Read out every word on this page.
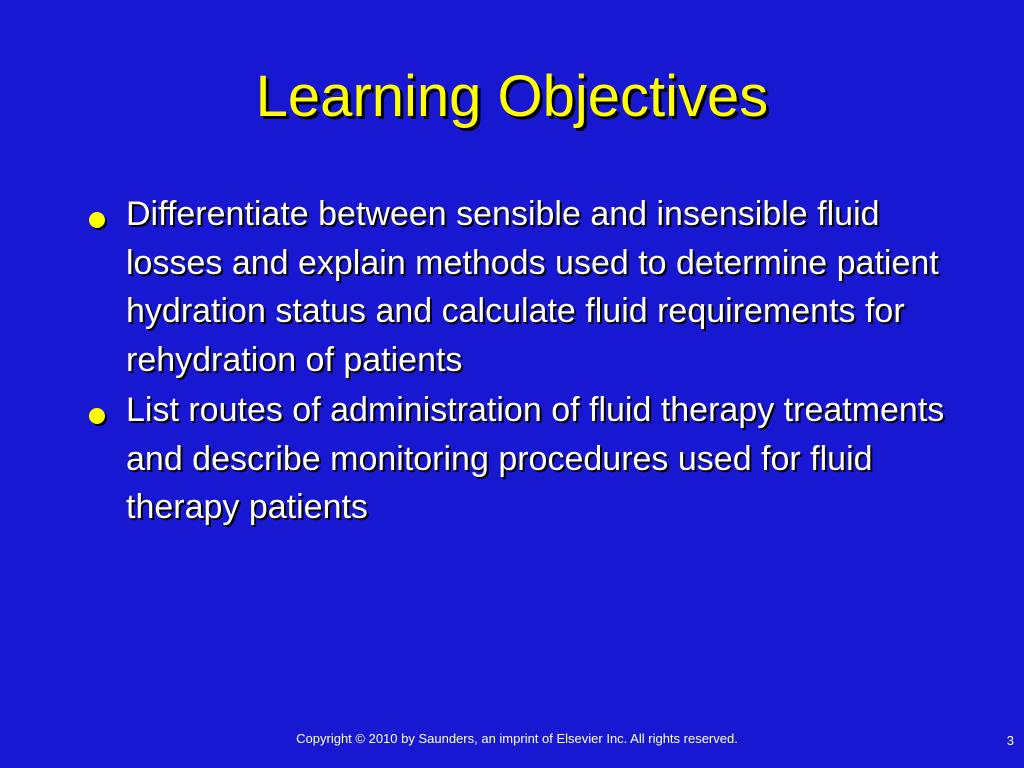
Learning Objectives
Differentiate between sensible and insensible fluid losses and explain methods used to determine patient hydration status and calculate fluid requirements for rehydration of patients
List routes of administration of fluid therapy treatments and describe monitoring procedures used for fluid therapy patients
Copyright © 2010 by Saunders, an imprint of Elsevier Inc. All rights reserved.	3
